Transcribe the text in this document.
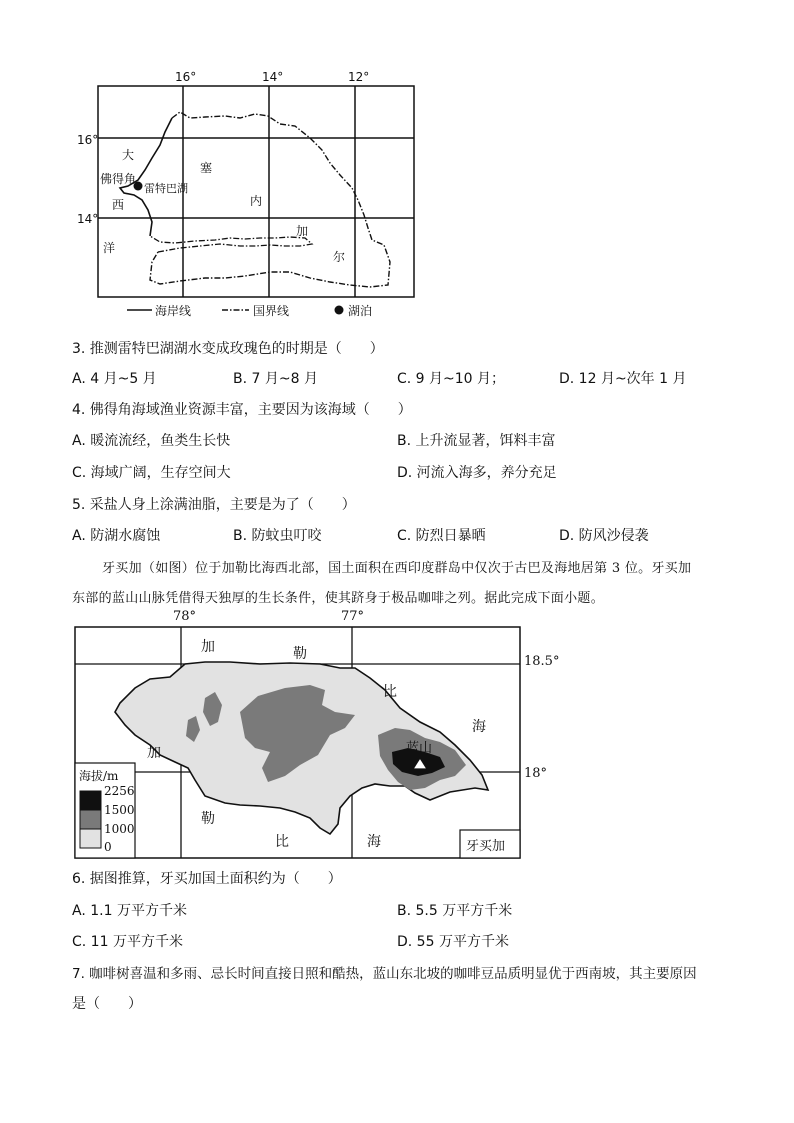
16°	14°	12°
16°
14°
大
西
洋
塞
内
加
尔
佛得角
雷特巴湖
海岸线	国界线	湖泊
3. 推测雷特巴湖湖水变成玫瑰色的时期是（　　）
A. 4 月~5 月	B. 7 月~8 月	C. 9 月~10 月；	D. 12 月~次年 1 月
4. 佛得角海域渔业资源丰富，主要因为该海域（　　）
A. 暖流流经，鱼类生长快	B. 上升流显著，饵料丰富
C. 海域广阔，生存空间大	D. 河流入海多，养分充足
5. 采盐人身上涂满油脂，主要是为了（　　）
A. 防湖水腐蚀	B. 防蚊虫叮咬	C. 防烈日暴晒	D. 防风沙侵袭
牙买加（如图）位于加勒比海西北部，国土面积在西印度群岛中仅次于古巴及海地居第 3 位。牙买加
东部的蓝山山脉凭借得天独厚的生长条件，使其跻身于极品咖啡之列。据此完成下面小题。
78°	77°
18.5°
18°
加	勒
比
海
加
勒
比	海
蓝山
海拔/m
2256
1500
1000
0	牙买加
6. 据图推算，牙买加国土面积约为（　　）
A. 1.1 万平方千米	B. 5.5 万平方千米
C. 11 万平方千米	D. 55 万平方千米
7. 咖啡树喜温和多雨、忌长时间直接日照和酷热，蓝山东北坡的咖啡豆品质明显优于西南坡，其主要原因
是（　　）
